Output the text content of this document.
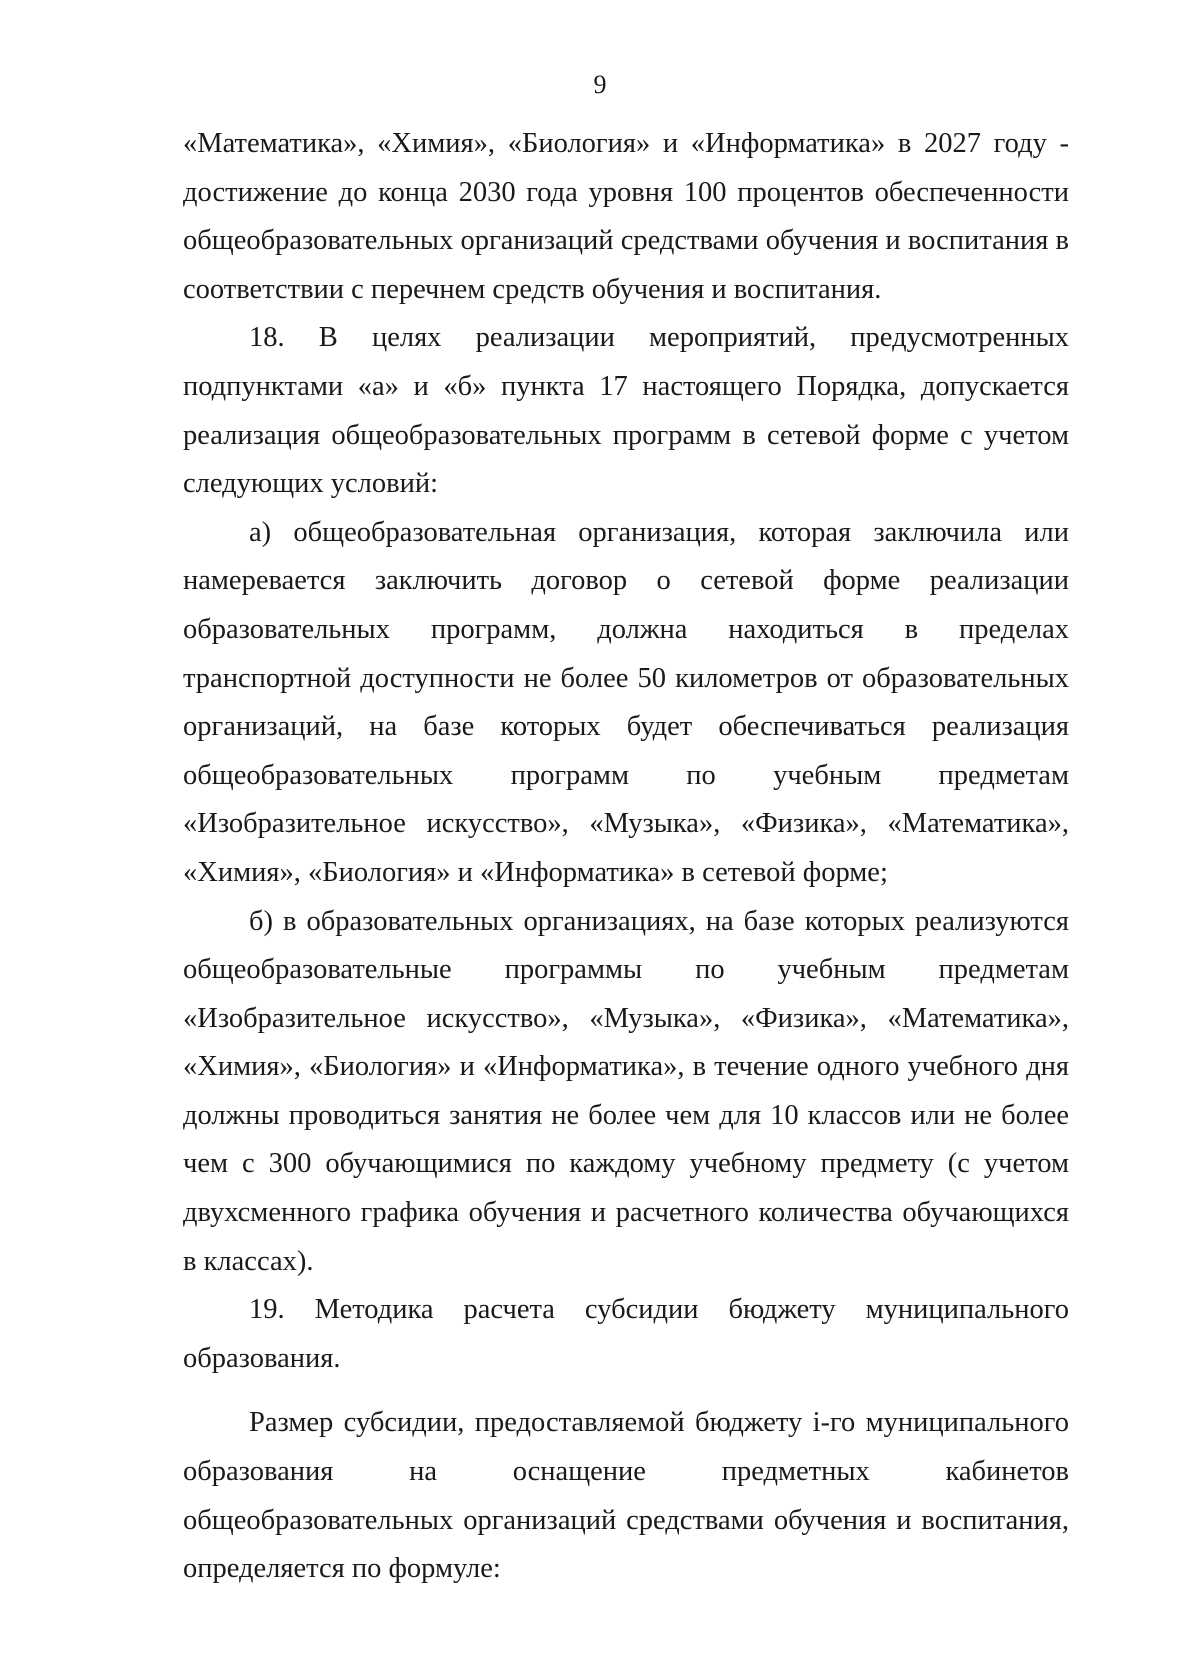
9

«Математика», «Химия», «Биология» и «Информатика» в 2027 году - достижение до конца 2030 года уровня 100 процентов обеспеченности общеобразовательных организаций средствами обучения и воспитания в соответствии с перечнем средств обучения и воспитания.

18. В целях реализации мероприятий, предусмотренных подпунктами «а» и «б» пункта 17 настоящего Порядка, допускается реализация общеобразовательных программ в сетевой форме с учетом следующих условий:

а) общеобразовательная организация, которая заключила или намеревается заключить договор о сетевой форме реализации образовательных программ, должна находиться в пределах транспортной доступности не более 50 километров от образовательных организаций, на базе которых будет обеспечиваться реализация общеобразовательных программ по учебным предметам «Изобразительное искусство», «Музыка», «Физика», «Математика», «Химия», «Биология» и «Информатика» в сетевой форме;

б) в образовательных организациях, на базе которых реализуются общеобразовательные программы по учебным предметам «Изобразительное искусство», «Музыка», «Физика», «Математика», «Химия», «Биология» и «Информатика», в течение одного учебного дня должны проводиться занятия не более чем для 10 классов или не более чем с 300 обучающимися по каждому учебному предмету (с учетом двухсменного графика обучения и расчетного количества обучающихся в классах).

19. Методика расчета субсидии бюджету муниципального образования.

Размер субсидии, предоставляемой бюджету i-го муниципального образования на оснащение предметных кабинетов общеобразовательных организаций средствами обучения и воспитания, определяется по формуле:
